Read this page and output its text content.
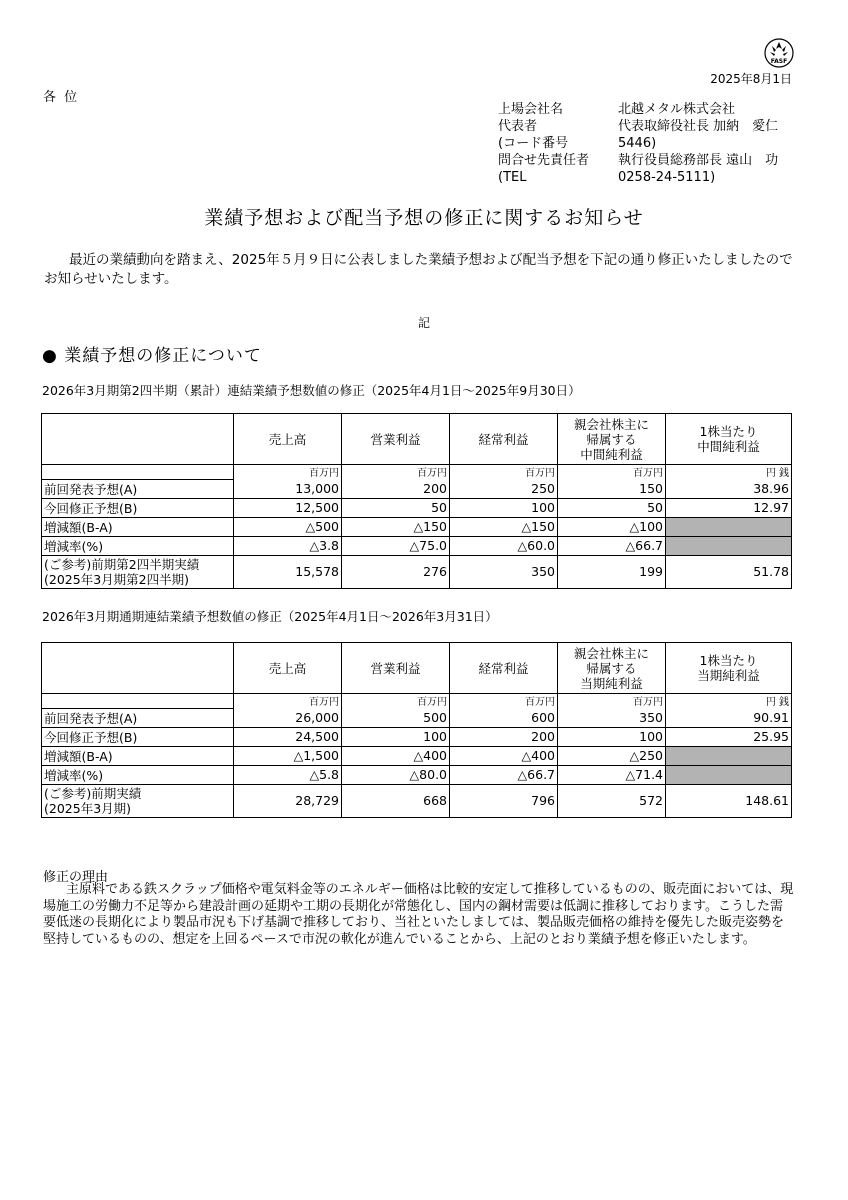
FASF
2025年8月1日
各 位
上場会社名	北越メタル株式会社
代表者	代表取締役社長 加納　愛仁
(コード番号	5446)
問合せ先責任者	執行役員総務部長 遠山　功
(TEL	0258-24-5111)
業績予想および配当予想の修正に関するお知らせ
最近の業績動向を踏まえ、2025年５月９日に公表しました業績予想および配当予想を下記の通り修正いたしましたのでお知らせいたします。
記
● 業績予想の修正について
2026年3月期第2四半期（累計）連結業績予想数値の修正（2025年4月1日～2025年9月30日）
	売上高	営業利益	経常利益	親会社株主に
帰属する
中間純利益	1株当たり
中間純利益
	百万円	百万円	百万円	百万円	円 銭
前回発表予想(A)	13,000	200	250	150	38.96
今回修正予想(B)	12,500	50	100	50	12.97
増減額(B-A)	△500	△150	△150	△100	
増減率(%)	△3.8	△75.0	△60.0	△66.7	
(ご参考)前期第2四半期実績
(2025年3月期第2四半期)	15,578	276	350	199	51.78
2026年3月期通期連結業績予想数値の修正（2025年4月1日～2026年3月31日）
	売上高	営業利益	経常利益	親会社株主に
帰属する
当期純利益	1株当たり
当期純利益
	百万円	百万円	百万円	百万円	円 銭
前回発表予想(A)	26,000	500	600	350	90.91
今回修正予想(B)	24,500	100	200	100	25.95
増減額(B-A)	△1,500	△400	△400	△250	
増減率(%)	△5.8	△80.0	△66.7	△71.4	
(ご参考)前期実績
(2025年3月期)	28,729	668	796	572	148.61
修正の理由
主原料である鉄スクラップ価格や電気料金等のエネルギー価格は比較的安定して推移しているものの、販売面においては、現場施工の労働力不足等から建設計画の延期や工期の長期化が常態化し、国内の鋼材需要は低調に推移しております。こうした需要低迷の長期化により製品市況も下げ基調で推移しており、当社といたしましては、製品販売価格の維持を優先した販売姿勢を堅持しているものの、想定を上回るペースで市況の軟化が進んでいることから、上記のとおり業績予想を修正いたします。
